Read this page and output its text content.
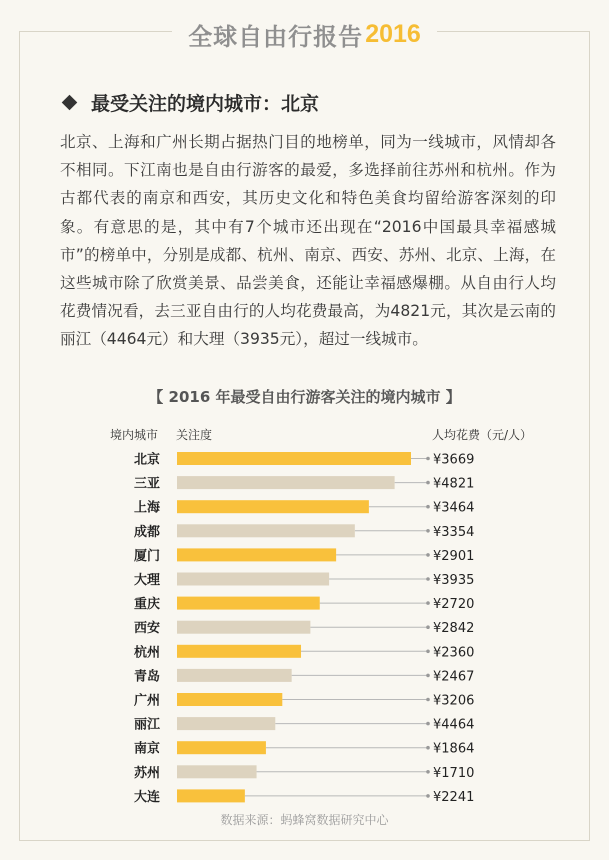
全球自由行报告 2016
最受关注的境内城市：北京

北京、上海和广州长期占据热门目的地榜单，同为一线城市，风情却各不相同。下江南也是自由行游客的最爱，多选择前往苏州和杭州。作为古都代表的南京和西安，其历史文化和特色美食均留给游客深刻的印象。有意思的是，其中有7个城市还出现在“2016中国最具幸福感城市”的榜单中，分别是成都、杭州、南京、西安、苏州、北京、上海，在这些城市除了欣赏美景、品尝美食，还能让幸福感爆棚。从自由行人均花费情况看，去三亚自由行的人均花费最高，为4821元，其次是云南的丽江（4464元）和大理（3935元），超过一线城市。

【 2016 年最受自由行游客关注的境内城市 】
境内城市 关注度	人均花费（元/人）
北京	¥3669
三亚	¥4821
上海	¥3464
成都	¥3354
厦门	¥2901
大理	¥3935
重庆	¥2720
西安	¥2842
杭州	¥2360
青岛	¥2467
广州	¥3206
丽江	¥4464
南京	¥1864
苏州	¥1710
大连	¥2241
数据来源：蚂蜂窝数据研究中心
